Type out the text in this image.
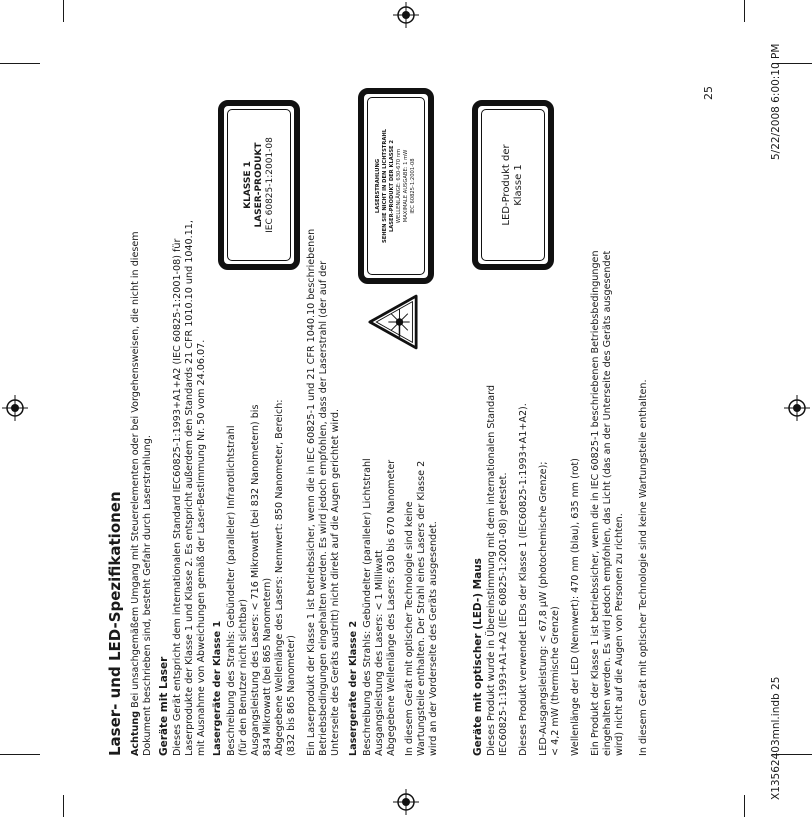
Laser- und LED-Spezifikationen Achtung Bei unsachgemäßem Umgang mit Steuerelementen oder bei Vorgehensweisen, die nicht in diesem
Dokument beschrieben sind, besteht Gefahr durch Laserstrahlung. Geräte mit Laser Dieses Gerät entspricht dem internationalen Standard IEC60825-1:1993+A1+A2 (IEC 60825-1:2001-08) für
Laserprodukte der Klasse 1 und Klasse 2. Es entspricht außerdem den Standards 21 CFR 1010.10 und 1040.11,
mit Ausnahme von Abweichungen gemäß der Laser-Bestimmung Nr. 50 vom 24.06.07. Lasergeräte der Klasse 1 Beschreibung des Strahls: Gebündelter (paralleler) Infrarotlichtstrahl
(für den Benutzer nicht sichtbar)
Ausgangsleistung des Lasers: < 716 Mikrowatt (bei 832 Nanometern) bis
834 Mikrowatt (bei 865 Nanometern)
Abgegebene Wellenlänge des Lasers: Nennwert: 850 Nanometer, Bereich:
(832 bis 865 Nanometer)
KLASSE 1 LASER-PRODUKT IEC 60825-1:2001-08
Ein Laserprodukt der Klasse 1 ist betriebssicher, wenn die in IEC 60825-1 und 21 CFR 1040.10 beschriebenen
Betriebsbedingungen eingehalten werden. Es wird jedoch empfohlen, dass der Laserstrahl (der auf der
Unterseite des Geräts austritt) nicht direkt auf die Augen gerichtet wird. Lasergeräte der Klasse 2 Beschreibung des Strahls: Gebündelter (paralleler) Lichtstrahl
Ausgangsleistung des Lasers: < 1 Milliwatt
Abgegebene Wellenlänge des Lasers: 630 bis 670 Nanometer In diesem Gerät mit optischer Technologie sind keine
Wartungsteile enthalten. Der Strahl eines Lasers der Klasse 2
wird an der Vorderseite des Geräts ausgesendet.
LASERSTRAHLUNG SEHEN SIE NICHT IN DEN LICHTSTRAHL LASER-PRODUKT DER KLASSE 2 WELLENLÄNGE: 630-670 nm MAXIMALE AUSGABE: 1 mW IEC 60825-1:2001-08
Geräte mit optischer (LED-) Maus Dieses Produkt wurde in Übereinstimmung mit dem internationalen Standard
IEC60825-1:1993+A1+A2 (IEC 60825-1:2001-08) getestet. Dieses Produkt verwendet LEDs der Klasse 1 (IEC60825-1:1993+A1+A2). LED-Ausgangsleistung: < 67,8 µW (photochemische Grenze);
< 4,2 mW (thermische Grenze) Wellenlänge der LED (Nennwert): 470 nm (blau), 635 nm (rot) Ein Produkt der Klasse 1 ist betriebssicher, wenn die in IEC 60825-1 beschriebenen Betriebsbedingungen
eingehalten werden. Es wird jedoch empfohlen, das Licht (das an der Unterseite des Geräts ausgesendet
wird) nicht auf die Augen von Personen zu richten. In diesem Gerät mit optischer Technologie sind keine Wartungsteile enthalten.
LED-Produkt der Klasse 1
25
X13562403mnl.indb 25
5/22/2008 6:00:10 PM
